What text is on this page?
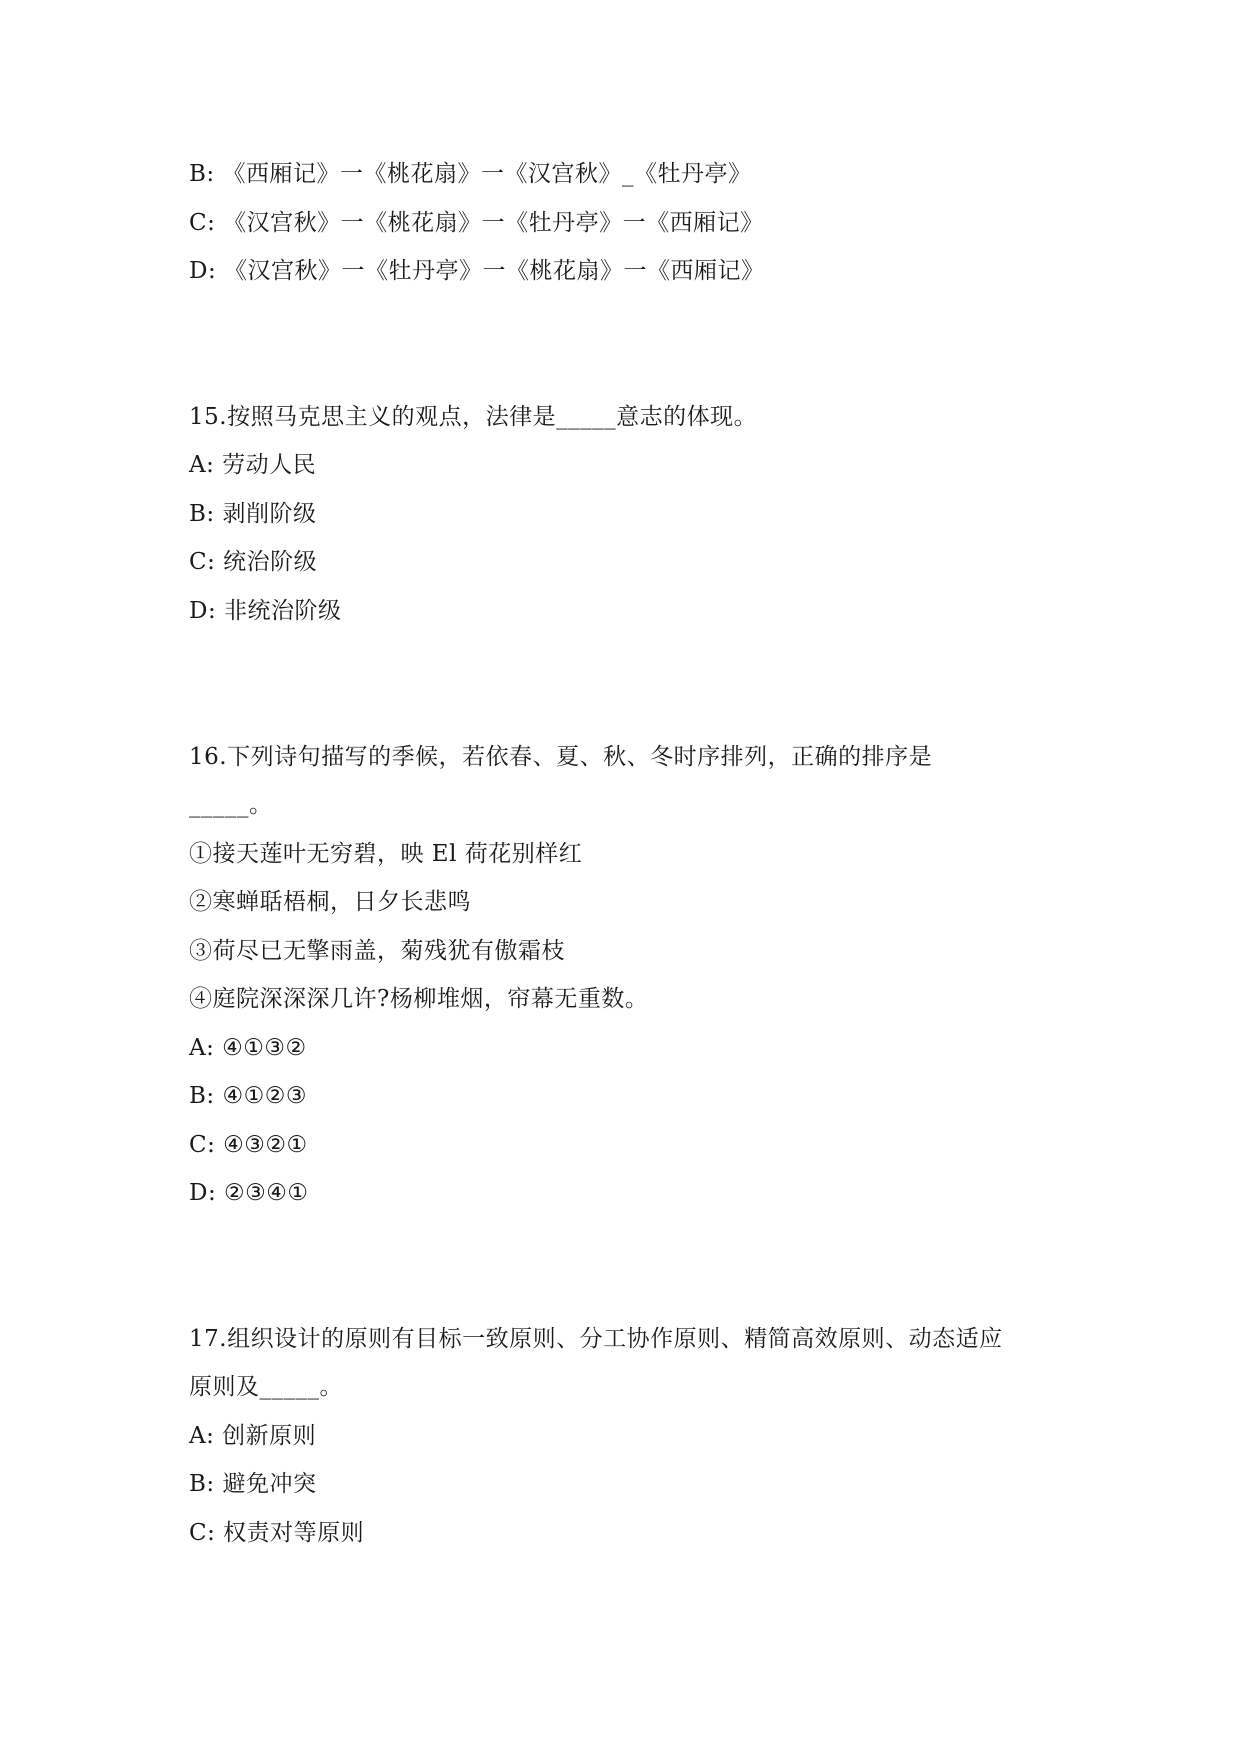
B: 《西厢记》一《桃花扇》一《汉宫秋》_《牡丹亭》
C: 《汉宫秋》一《桃花扇》一《牡丹亭》一《西厢记》
D: 《汉宫秋》一《牡丹亭》一《桃花扇》一《西厢记》
15.按照马克思主义的观点，法律是_____意志的体现。
A: 劳动人民
B: 剥削阶级
C: 统治阶级
D: 非统治阶级
16.下列诗句描写的季候，若依春、夏、秋、冬时序排列，正确的排序是
_____。
①接天莲叶无穷碧，映 El 荷花别样红
②寒蝉聒梧桐，日夕长悲鸣
③荷尽已无擎雨盖，菊残犹有傲霜枝
④庭院深深深几许?杨柳堆烟，帘幕无重数。
A: ④①③②
B: ④①②③
C: ④③②①
D: ②③④①
17.组织设计的原则有目标一致原则、分工协作原则、精简高效原则、动态适应
原则及_____。
A: 创新原则
B: 避免冲突
C: 权责对等原则
